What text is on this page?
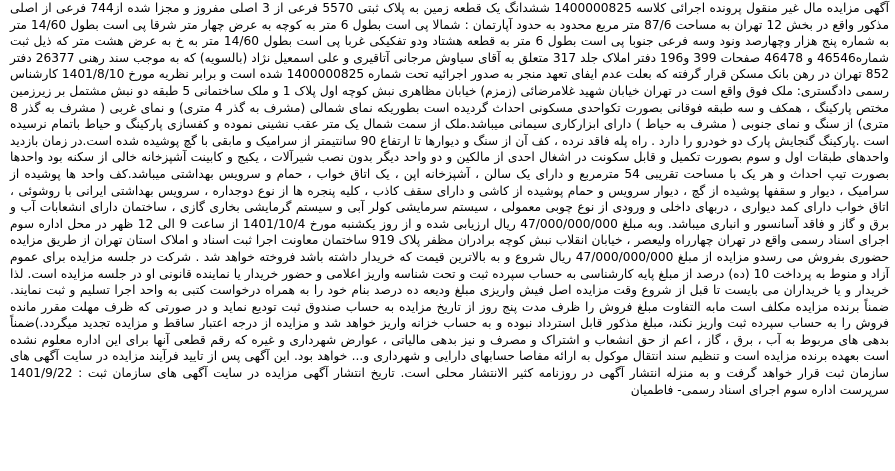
آگهی مزایده مال غیر منقول پرونده اجرائی کلاسه 1400000825 ششدانگ یک قطعه زمین به پلاک ثبتی 5570 فرعی از 3 اصلی مفروز و مجزا شده از744 فرعی از اصلی مذکور واقع در بخش 12 تهران به مساحت 87/6 متر مربع محدود به حدود آپارتمان : شمالا پی است بطول 6 متر به کوچه به عرض چهار متر شرقا پی است بطول 14/60 متر به شماره پنج هزار وچهارصد ونود وسه فرعی جنوبا پی است بطول 6 متر به قطعه هشتاد ودو تفکیکی غربا پی است بطول 14/60 متر به خ به عرض هشت متر که ذیل ثبت شماره46546 و 46478 صفحات 399 و196 دفتر املاک جلد 317 متعلق به آقای سیاوش مرجانی آتاقیری و علی اسمعیل نژاد (بالسویه) که به موجب سند رهنی 26377 دفتر 852 تهران در رهن بانک مسکن قرار گرفته که بعلت عدم ایفای تعهد منجر به صدور اجرائیه تحت شماره 1400000825 شده است و برابر نظریه مورخ 1401/8/10 کارشناس رسمی دادگستری: ملک فوق واقع است در تهران خیابان شهید غلامرضائی (زمزم) خیابان مظاهری نبش کوچه اول پلاک 1 و ملک ساختمانی 5 طبقه دو نبش مشتمل بر زیرزمین مختص پارکینگ ، همکف و سه طبقه فوقانی بصورت تکواحدی مسکونی احداث گردیده است بطوریکه نمای شمالی (مشرف به گذر 4 متری) و نمای غربی ( مشرف به گذر 8 متری) از سنگ و نمای جنوبی ( مشرف به حیاط ) دارای ابزارکاری سیمانی میباشد.ملک از سمت شمال یک متر عقب نشینی نموده و کفسازی پارکینگ و حیاط باتمام نرسیده است .پارکینگ گنجایش پارک دو خودرو را دارد . راه پله فاقد نرده ، کف آن از سنگ و دیوارها تا ارتفاع 90 سانتیمتر از سرامیک و مابقی با گچ پوشیده شده است.در زمان بازدید واحدهای طبقات اول و سوم بصورت تکمیل و قابل سکونت در اشغال احدی از مالکین و دو واحد دیگر بدون نصب شیرآلات ، یکیج و کابینت آشپزخانه خالی از سکنه بود واحدها بصورت تیپ احداث و هر یک با مساحت تقریبی 54 مترمربع و دارای یک سالن ، آشپزخانه اپن ، یک اتاق خواب ، حمام و سرویس بهداشتی میباشد.کف واحد ها پوشیده از سرامیک ، دیوار و سقفها پوشیده از گچ ، دیوار سرویس و حمام پوشیده از کاشی و دارای سقف کاذب ، کلیه پنجره ها از نوع دوجداره ، سرویس بهداشتی ایرانی با روشوئی ، اتاق خواب دارای کمد دیواری ، دربهای داخلی و ورودی از نوع چوبی معمولی ، سیستم سرمایشی کولر آبی و سیستم گرمایشی بخاری گازی ، ساختمان دارای انشعابات آب و برق و گاز و فاقد آسانسور و انباری میباشد. وبه مبلغ 47/000/000/000 ریال ارزیابی شده و از روز یکشنبه مورخ 1401/10/4 از ساعت 9 الی 12 ظهر در محل اداره سوم اجرای اسناد رسمی واقع در تهران چهارراه ولیعصر ، خیابان انقلاب نبش کوچه برادران مظفر پلاک 919 ساختمان معاونت اجرا ثبت اسناد و املاک استان تهران از طریق مزایده حضوری بفروش می رسدو مزایده از مبلغ 47/000/000/000 ریال شروع و به بالاترین قیمت که خریدار داشته باشد فروخته خواهد شد . شرکت در جلسه مزایده برای عموم آزاد و منوط به پرداخت 10 (ده) درصد از مبلغ پایه کارشناسی به حساب سپرده ثبت و تحت شناسه واریز اعلامی و حضور خریدار یا نماینده قانونی او در جلسه مزایده است. لذا خریدار و یا خریداران می بایست تا قبل از شروع وقت مزایده اصل فیش واریزی مبلغ ودیعه ده درصد بنام خود را به همراه درخواست کتبی به واحد اجرا تسلیم و ثبت نمایند. ضمناً برنده مزایده مکلف است مابه التفاوت مبلغ فروش را ظرف مدت پنج روز از تاریخ مزایده به حساب صندوق ثبت تودیع نماید و در صورتی که ظرف مهلت مقرر مانده فروش را به حساب سپرده ثبت واریز نکند، مبلغ مذکور قابل استرداد نبوده و به حساب خزانه واریز خواهد شد و مزایده از درجه اعتبار ساقط و مزایده تجدید میگردد.)ضمناً بدهی های مربوط به آب ، برق ، گاز ، اعم از حق انشعاب و اشتراک و مصرف و نیز بدهی مالیاتی ، عوارض شهرداری و غیره که رقم قطعی آنها برای این اداره معلوم نشده است بعهده برنده مزایده است و تنظیم سند انتقال موکول به ارائه مفاصا حسابهای دارایی و شهرداری و... خواهد بود. این آگهی پس از تایید فرآیند مزایده در سایت آگهی های سازمان ثبت قرار خواهد گرفت و به منزله انتشار آگهی در روزنامه کثیر الانتشار محلی است. تاریخ انتشار آگهی مزایده در سایت آگهی های سازمان ثبت : 1401/9/22 سرپرست اداره سوم اجرای اسناد رسمی- فاطمیان
